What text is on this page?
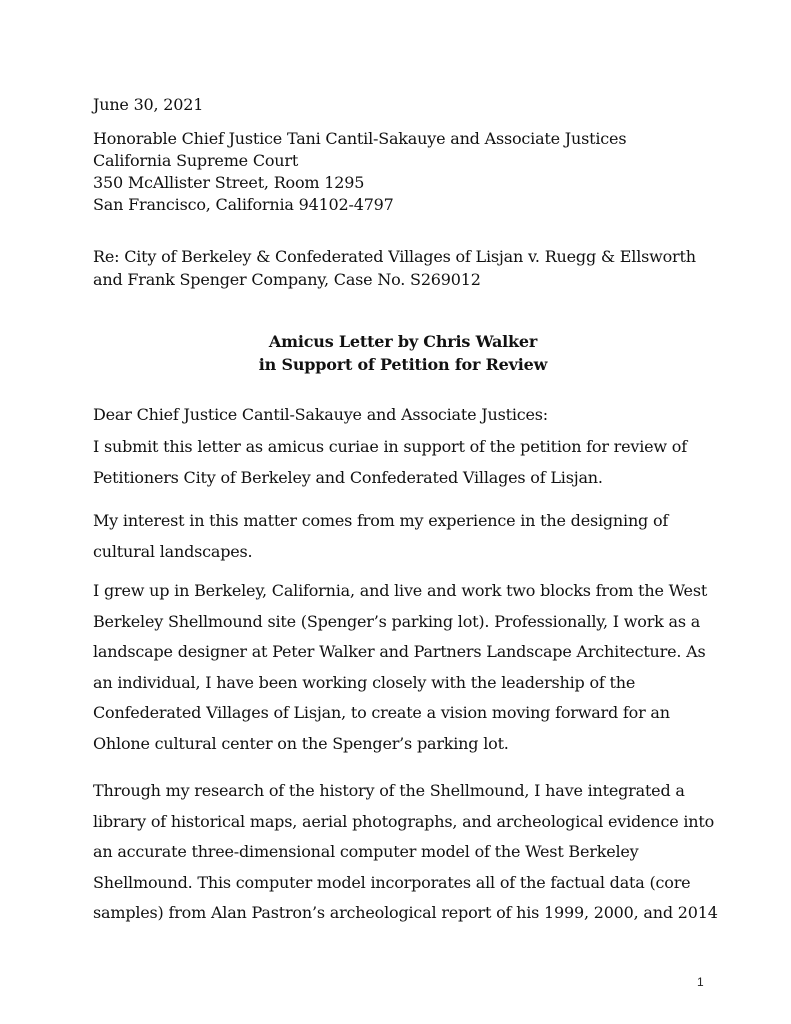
June 30, 2021
Honorable Chief Justice Tani Cantil-Sakauye and Associate Justices
California Supreme Court
350 McAllister Street, Room 1295
San Francisco, California 94102-4797
Re: City of Berkeley & Confederated Villages of Lisjan v. Ruegg & Ellsworth
and Frank Spenger Company, Case No. S269012
Amicus Letter by Chris Walker
in Support of Petition for Review
Dear Chief Justice Cantil-Sakauye and Associate Justices:
I submit this letter as amicus curiae in support of the petition for review of
Petitioners City of Berkeley and Confederated Villages of Lisjan.
My interest in this matter comes from my experience in the designing of
cultural landscapes.
I grew up in Berkeley, California, and live and work two blocks from the West
Berkeley Shellmound site (Spenger’s parking lot). Professionally, I work as a
landscape designer at Peter Walker and Partners Landscape Architecture. As
an individual, I have been working closely with the leadership of the
Confederated Villages of Lisjan, to create a vision moving forward for an
Ohlone cultural center on the Spenger’s parking lot.
Through my research of the history of the Shellmound, I have integrated a
library of historical maps, aerial photographs, and archeological evidence into
an accurate three-dimensional computer model of the West Berkeley
Shellmound. This computer model incorporates all of the factual data (core
samples) from Alan Pastron’s archeological report of his 1999, 2000, and 2014
1
